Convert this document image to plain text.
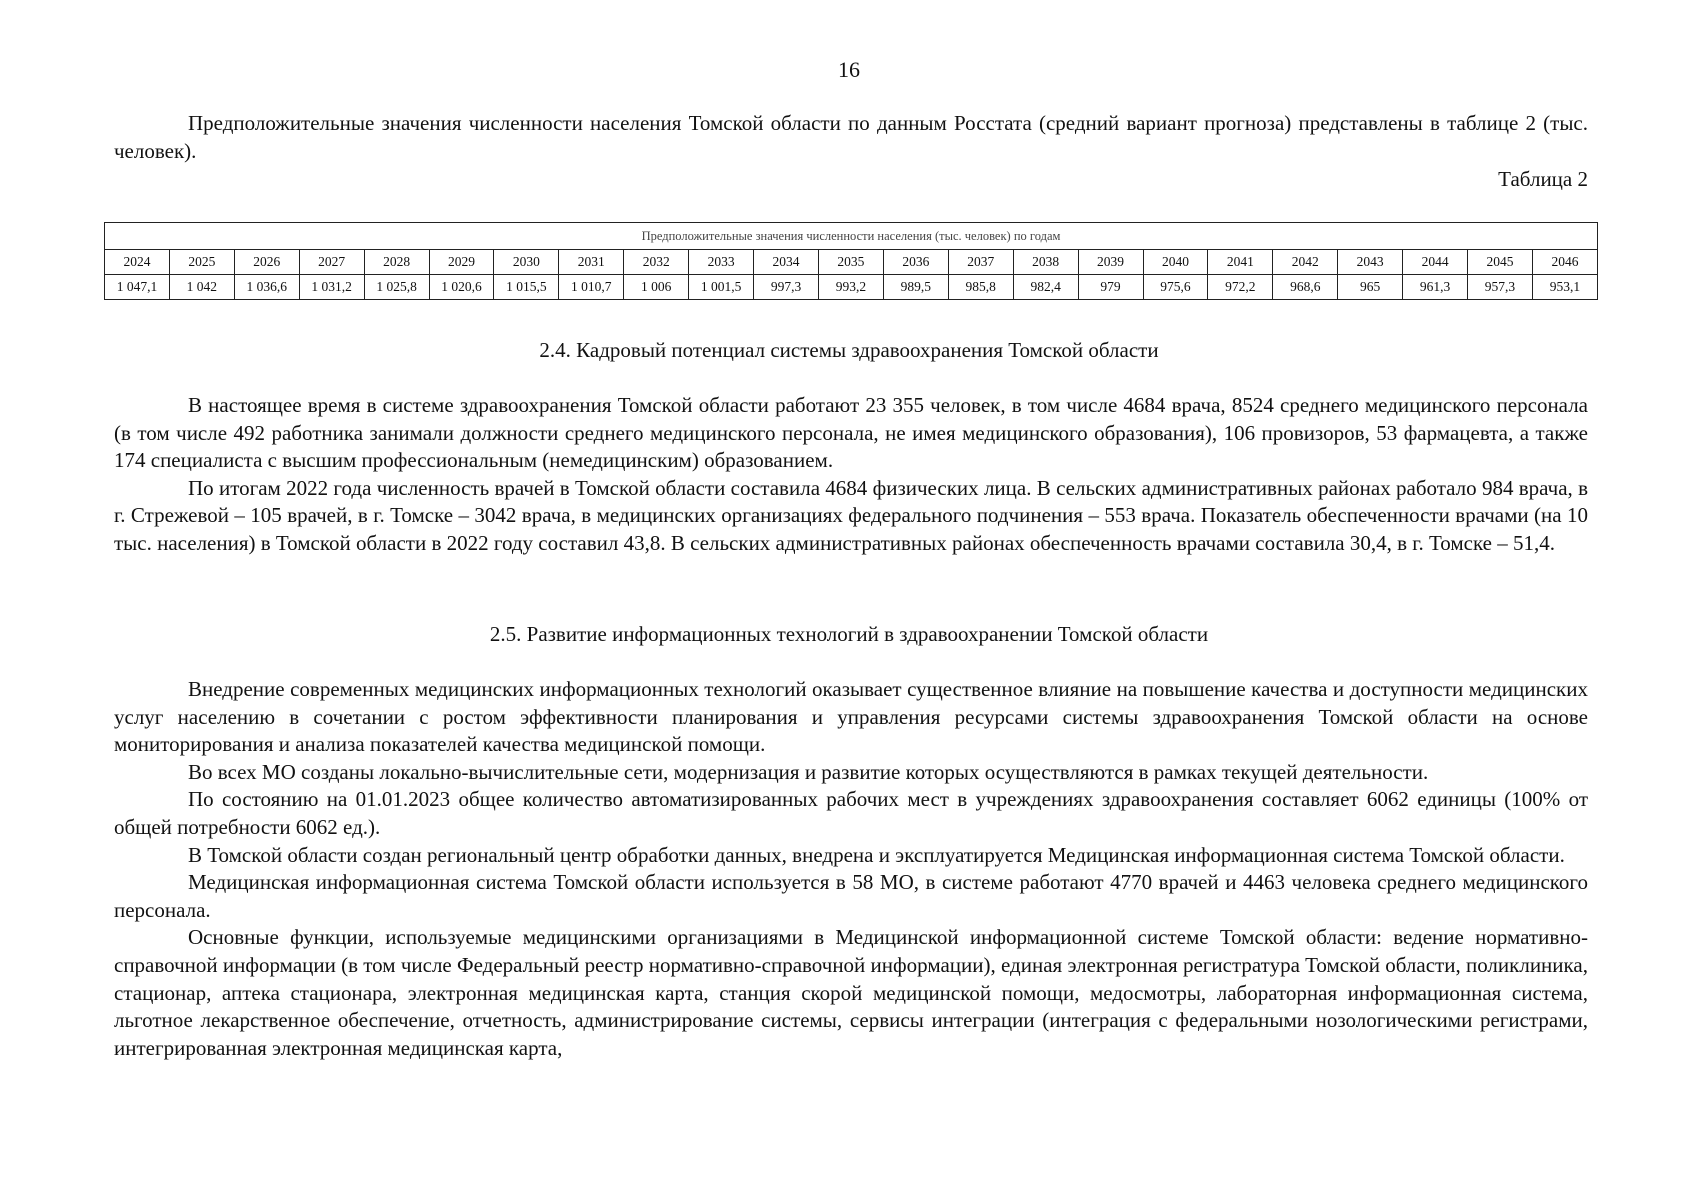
16

Предположительные значения численности населения Томской области по данным Росстата (средний вариант прогноза) представлены в таблице 2 (тыс. человек).

Таблица 2

Предположительные значения численности населения (тыс. человек) по годам																						
2024	2025	2026	2027	2028	2029	2030	2031	2032	2033	2034	2035	2036	2037	2038	2039	2040	2041	2042	2043	2044	2045	2046
1 047,1	1 042	1 036,6	1 031,2	1 025,8	1 020,6	1 015,5	1 010,7	1 006	1 001,5	997,3	993,2	989,5	985,8	982,4	979	975,6	972,2	968,6	965	961,3	957,3	953,1

2.4. Кадровый потенциал системы здравоохранения Томской области

В настоящее время в системе здравоохранения Томской области работают 23 355 человек, в том числе 4684 врача, 8524 среднего медицинского персонала (в том числе 492 работника занимали должности среднего медицинского персонала, не имея медицинского образования), 106 провизоров, 53 фармацевта, а также 174 специалиста с высшим профессиональным (немедицинским) образованием.

По итогам 2022 года численность врачей в Томской области составила 4684 физических лица. В сельских административных районах работало 984 врача, в г. Стрежевой – 105 врачей, в г. Томске – 3042 врача, в медицинских организациях федерального подчинения – 553 врача. Показатель обеспеченности врачами (на 10 тыс. населения) в Томской области в 2022 году составил 43,8. В сельских административных районах обеспеченность врачами составила 30,4, в г. Томске – 51,4.

2.5. Развитие информационных технологий в здравоохранении Томской области

Внедрение современных медицинских информационных технологий оказывает существенное влияние на повышение качества и доступности медицинских услуг населению в сочетании с ростом эффективности планирования и управления ресурсами системы здравоохранения Томской области на основе мониторирования и анализа показателей качества медицинской помощи.

Во всех МО созданы локально-вычислительные сети, модернизация и развитие которых осуществляются в рамках текущей деятельности.

По состоянию на 01.01.2023 общее количество автоматизированных рабочих мест в учреждениях здравоохранения составляет 6062 единицы (100% от общей потребности 6062 ед.).

В Томской области создан региональный центр обработки данных, внедрена и эксплуатируется Медицинская информационная система Томской области.

Медицинская информационная система Томской области используется в 58 МО, в системе работают 4770 врачей и 4463 человека среднего медицинского персонала.

Основные функции, используемые медицинскими организациями в Медицинской информационной системе Томской области: ведение нормативно-справочной информации (в том числе Федеральный реестр нормативно-справочной информации), единая электронная регистратура Томской области, поликлиника, стационар, аптека стационара, электронная медицинская карта, станция скорой медицинской помощи, медосмотры, лабораторная информационная система, льготное лекарственное обеспечение, отчетность, администрирование системы, сервисы интеграции (интеграция с федеральными нозологическими регистрами, интегрированная электронная медицинская карта,
